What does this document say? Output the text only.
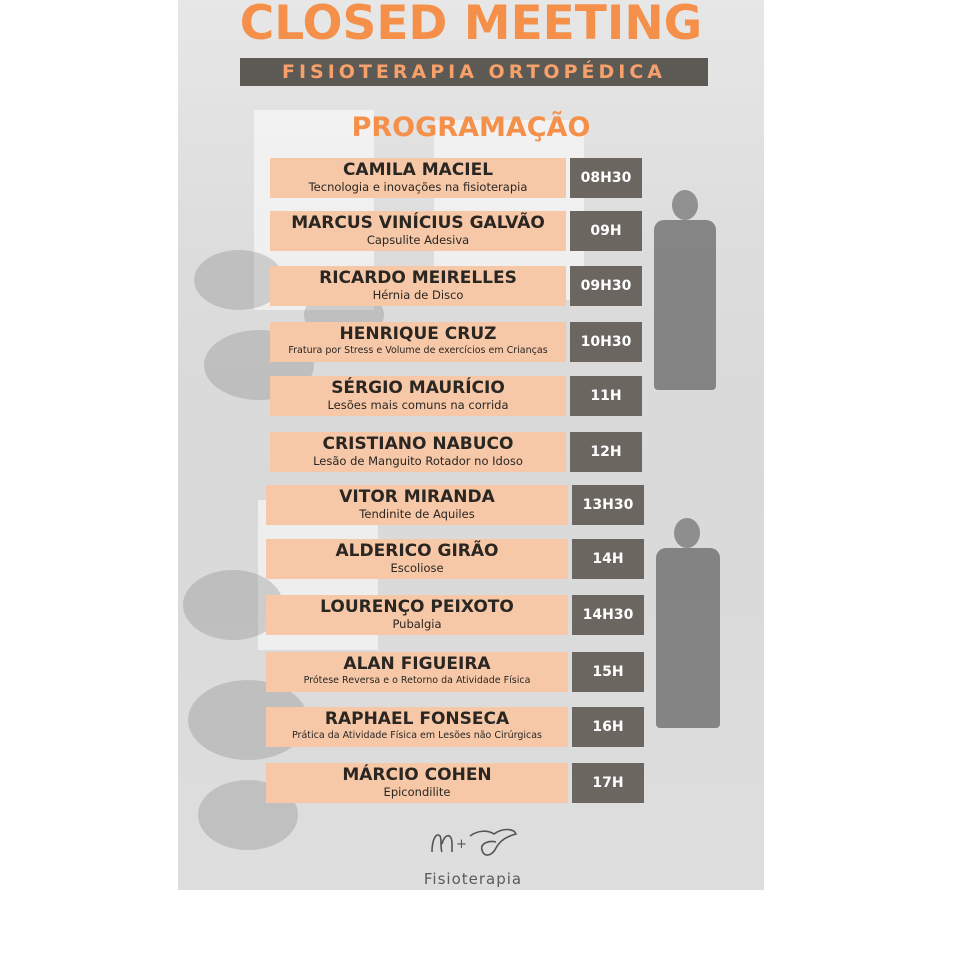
CLOSED MEETING
FISIOTERAPIA ORTOPÉDICA
PROGRAMAÇÃO
CAMILA MACIEL
Tecnologia e inovações na fisioterapia
08H30
MARCUS VINÍCIUS GALVÃO
Capsulite Adesiva
09H
RICARDO MEIRELLES
Hérnia de Disco
09H30
HENRIQUE CRUZ
Fratura por Stress e Volume de exercícios em Crianças
10H30
SÉRGIO MAURÍCIO
Lesões mais comuns na corrida
11H
CRISTIANO NABUCO
Lesão de Manguito Rotador no Idoso
12H
VITOR MIRANDA
Tendinite de Aquiles
13H30
ALDERICO GIRÃO
Escoliose
14H
LOURENÇO PEIXOTO
Pubalgia
14H30
ALAN FIGUEIRA
Prótese Reversa e o Retorno da Atividade Física
15H
RAPHAEL FONSECA
Prática da Atividade Física em Lesões não Cirúrgicas
16H
MÁRCIO COHEN
Epicondilite
17H
+
Fisioterapia
